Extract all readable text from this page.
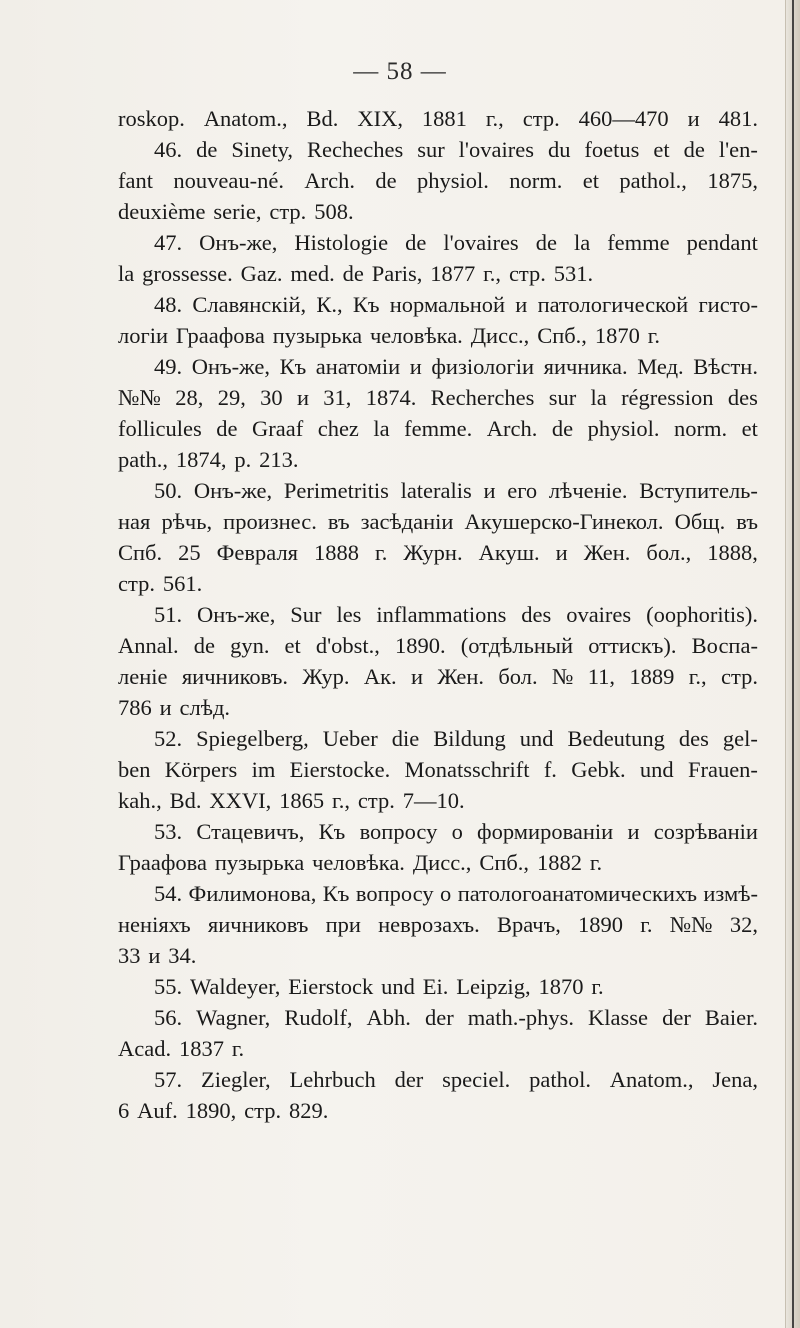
— 58 —
roskop. Anatom., Bd. XIX, 1881 г., стр. 460—470 и 481.
46. de Sinety, Recheches sur l'ovaires du foetus et de l'en-
fant nouveau-né. Arch. de physiol. norm. et pathol., 1875,
deuxième serie, стр. 508.
47. Онъ-же, Histologie de l'ovaires de la femme pendant
la grossesse. Gaz. med. de Paris, 1877 г., стр. 531.
48. Славянскій, К., Къ нормальной и патологической гисто-
логіи Граафова пузырька человѣка. Дисс., Спб., 1870 г.
49. Онъ-же, Къ анатоміи и физіологіи яичника. Мед. Вѣстн.
№№ 28, 29, 30 и 31, 1874. Recherches sur la régression des
follicules de Graaf chez la femme. Arch. de physiol. norm. et
path., 1874, p. 213.
50. Онъ-же, Perimetritis lateralis и его лѣченіе. Вступитель-
ная рѣчь, произнес. въ засѣданіи Акушерско-Гинекол. Общ. въ
Спб. 25 Февраля 1888 г. Журн. Акуш. и Жен. бол., 1888,
стр. 561.
51. Онъ-же, Sur les inflammations des ovaires (oophoritis).
Annal. de gyn. et d'obst., 1890. (отдѣльный оттискъ). Воспа-
леніе яичниковъ. Жур. Ак. и Жен. бол. № 11, 1889 г., стр.
786 и слѣд.
52. Spiegelberg, Ueber die Bildung und Bedeutung des gel-
ben Körpers im Eierstocke. Monatsschrift f. Gebk. und Frauen-
kah., Bd. XXVI, 1865 г., стр. 7—10.
53. Стацевичъ, Къ вопросу о формированіи и созрѣваніи
Граафова пузырька человѣка. Дисс., Спб., 1882 г.
54. Филимонова, Къ вопросу о патологоанатомическихъ измѣ-
неніяхъ яичниковъ при неврозахъ. Врачъ, 1890 г. №№ 32,
33 и 34.
55. Waldeyer, Eierstock und Ei. Leipzig, 1870 г.
56. Wagner, Rudolf, Abh. der math.-phys. Klasse der Baier.
Acad. 1837 г.
57. Ziegler, Lehrbuch der speciel. pathol. Anatom., Jena,
6 Auf. 1890, стр. 829.
